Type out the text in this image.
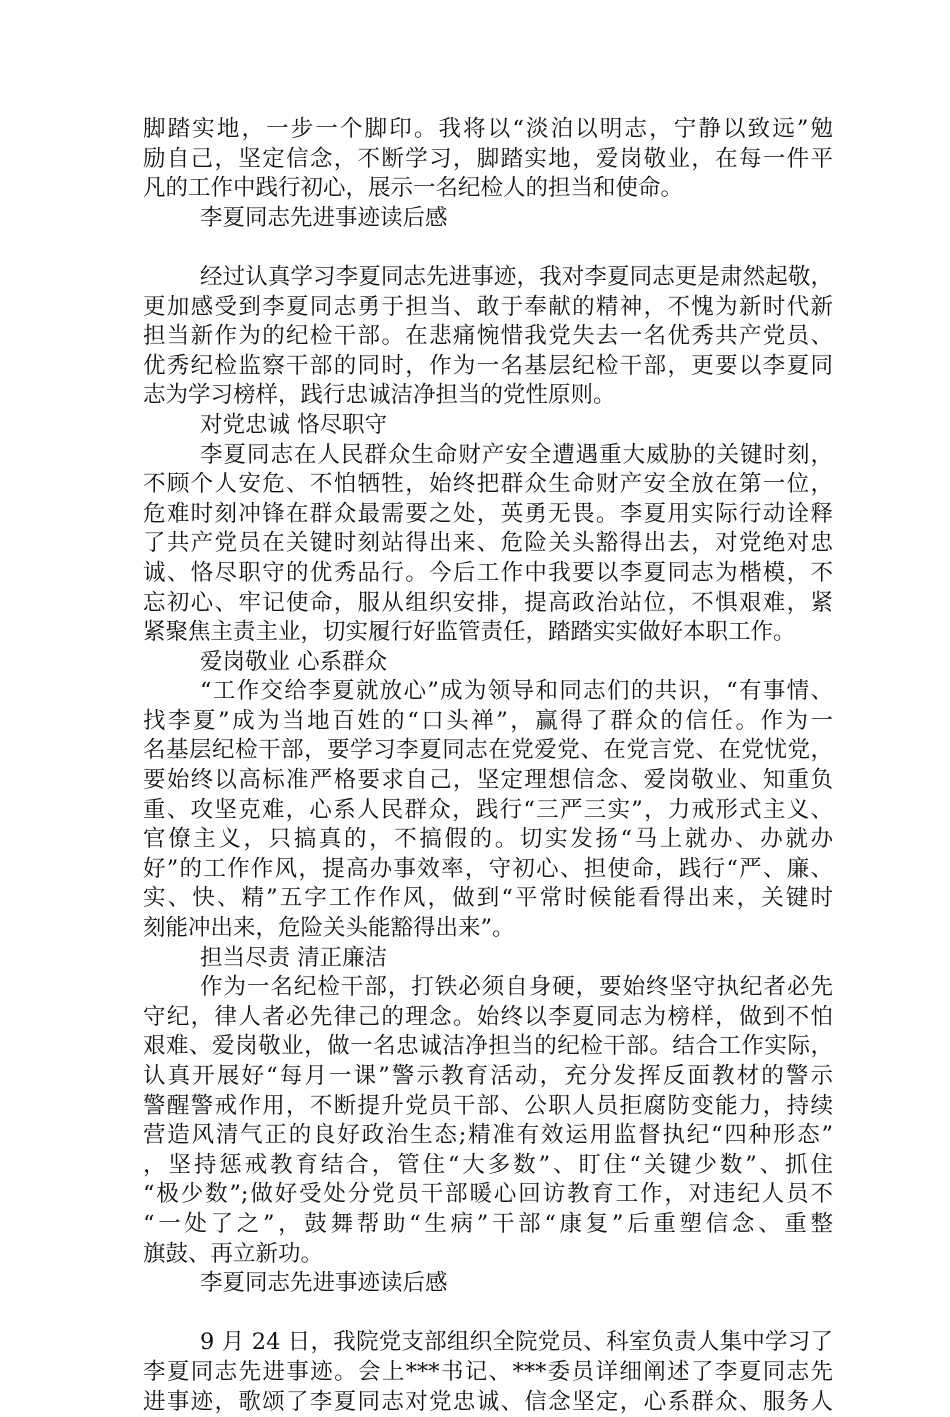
脚踏实地，一步一个脚印。我将以“淡泊以明志，宁静以致远”勉
励自己，坚定信念，不断学习，脚踏实地，爱岗敬业，在每一件平
凡的工作中践行初心，展示一名纪检人的担当和使命。
李夏同志先进事迹读后感
经过认真学习李夏同志先进事迹，我对李夏同志更是肃然起敬，
更加感受到李夏同志勇于担当、敢于奉献的精神，不愧为新时代新
担当新作为的纪检干部。在悲痛惋惜我党失去一名优秀共产党员、
优秀纪检监察干部的同时，作为一名基层纪检干部，更要以李夏同
志为学习榜样，践行忠诚洁净担当的党性原则。
对党忠诚 恪尽职守
李夏同志在人民群众生命财产安全遭遇重大威胁的关键时刻，
不顾个人安危、不怕牺牲，始终把群众生命财产安全放在第一位，
危难时刻冲锋在群众最需要之处，英勇无畏。李夏用实际行动诠释
了共产党员在关键时刻站得出来、危险关头豁得出去，对党绝对忠
诚、恪尽职守的优秀品行。今后工作中我要以李夏同志为楷模，不
忘初心、牢记使命，服从组织安排，提高政治站位，不惧艰难，紧
紧聚焦主责主业，切实履行好监管责任，踏踏实实做好本职工作。
爱岗敬业 心系群众
“工作交给李夏就放心”成为领导和同志们的共识，“有事情、
找李夏”成为当地百姓的“口头禅”，赢得了群众的信任。作为一
名基层纪检干部，要学习李夏同志在党爱党、在党言党、在党忧党，
要始终以高标准严格要求自己，坚定理想信念、爱岗敬业、知重负
重、攻坚克难，心系人民群众，践行“三严三实”，力戒形式主义、
官僚主义，只搞真的，不搞假的。切实发扬“马上就办、办就办
好”的工作作风，提高办事效率，守初心、担使命，践行“严、廉、
实、快、精”五字工作作风，做到“平常时候能看得出来，关键时
刻能冲出来，危险关头能豁得出来”。
担当尽责 清正廉洁
作为一名纪检干部，打铁必须自身硬，要始终坚守执纪者必先
守纪，律人者必先律己的理念。始终以李夏同志为榜样，做到不怕
艰难、爱岗敬业，做一名忠诚洁净担当的纪检干部。结合工作实际，
认真开展好“每月一课”警示教育活动，充分发挥反面教材的警示
警醒警戒作用，不断提升党员干部、公职人员拒腐防变能力，持续
营造风清气正的良好政治生态;精准有效运用监督执纪“四种形态”
，坚持惩戒教育结合，管住“大多数”、盯住“关键少数”、抓住
“极少数”;做好受处分党员干部暖心回访教育工作，对违纪人员不
“一处了之”，鼓舞帮助“生病”干部“康复”后重塑信念、重整
旗鼓、再立新功。
李夏同志先进事迹读后感
9 月 24 日，我院党支部组织全院党员、科室负责人集中学习了
李夏同志先进事迹。会上***书记、***委员详细阐述了李夏同志先
进事迹，歌颂了李夏同志对党忠诚、信念坚定，心系群众、服务人
